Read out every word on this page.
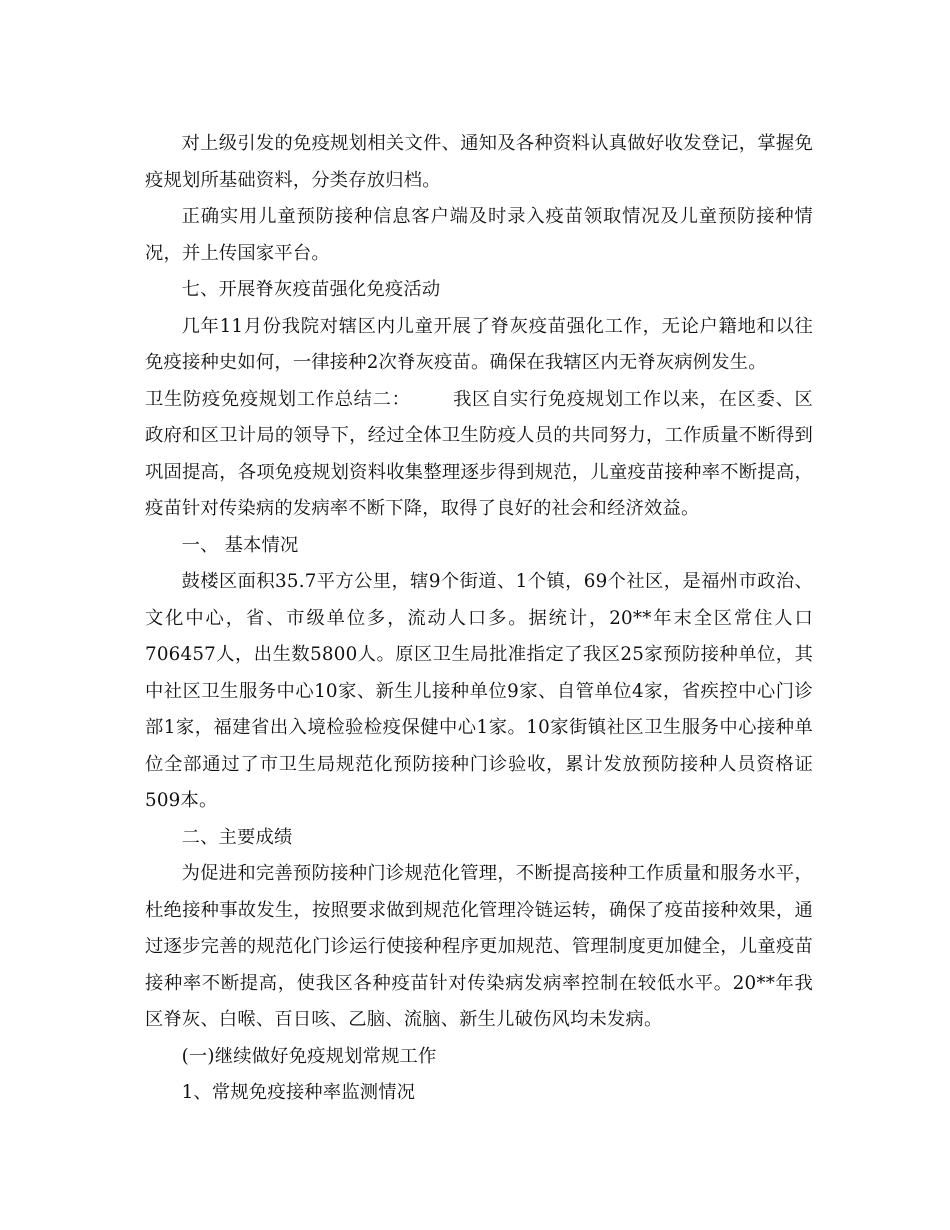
对上级引发的免疫规划相关文件、通知及各种资料认真做好收发登记，掌握免疫规划所基础资料，分类存放归档。

正确实用儿童预防接种信息客户端及时录入疫苗领取情况及儿童预防接种情况，并上传国家平台。

七、开展脊灰疫苗强化免疫活动

几年11月份我院对辖区内儿童开展了脊灰疫苗强化工作，无论户籍地和以往免疫接种史如何，一律接种2次脊灰疫苗。确保在我辖区内无脊灰病例发生。

卫生防疫免疫规划工作总结二： 我区自实行免疫规划工作以来，在区委、区政府和区卫计局的领导下，经过全体卫生防疫人员的共同努力，工作质量不断得到巩固提高，各项免疫规划资料收集整理逐步得到规范，儿童疫苗接种率不断提高，疫苗针对传染病的发病率不断下降，取得了良好的社会和经济效益。

一、 基本情况

鼓楼区面积35.7平方公里，辖9个街道、1个镇，69个社区，是福州市政治、文化中心，省、市级单位多，流动人口多。据统计，20**年末全区常住人口706457人，出生数5800人。原区卫生局批准指定了我区25家预防接种单位，其中社区卫生服务中心10家、新生儿接种单位9家、自管单位4家，省疾控中心门诊部1家，福建省出入境检验检疫保健中心1家。10家街镇社区卫生服务中心接种单位全部通过了市卫生局规范化预防接种门诊验收，累计发放预防接种人员资格证509本。

二、主要成绩

为促进和完善预防接种门诊规范化管理，不断提高接种工作质量和服务水平，杜绝接种事故发生，按照要求做到规范化管理冷链运转，确保了疫苗接种效果，通过逐步完善的规范化门诊运行使接种程序更加规范、管理制度更加健全，儿童疫苗接种率不断提高，使我区各种疫苗针对传染病发病率控制在较低水平。20**年我区脊灰、白喉、百日咳、乙脑、流脑、新生儿破伤风均未发病。

(一)继续做好免疫规划常规工作

1、常规免疫接种率监测情况
